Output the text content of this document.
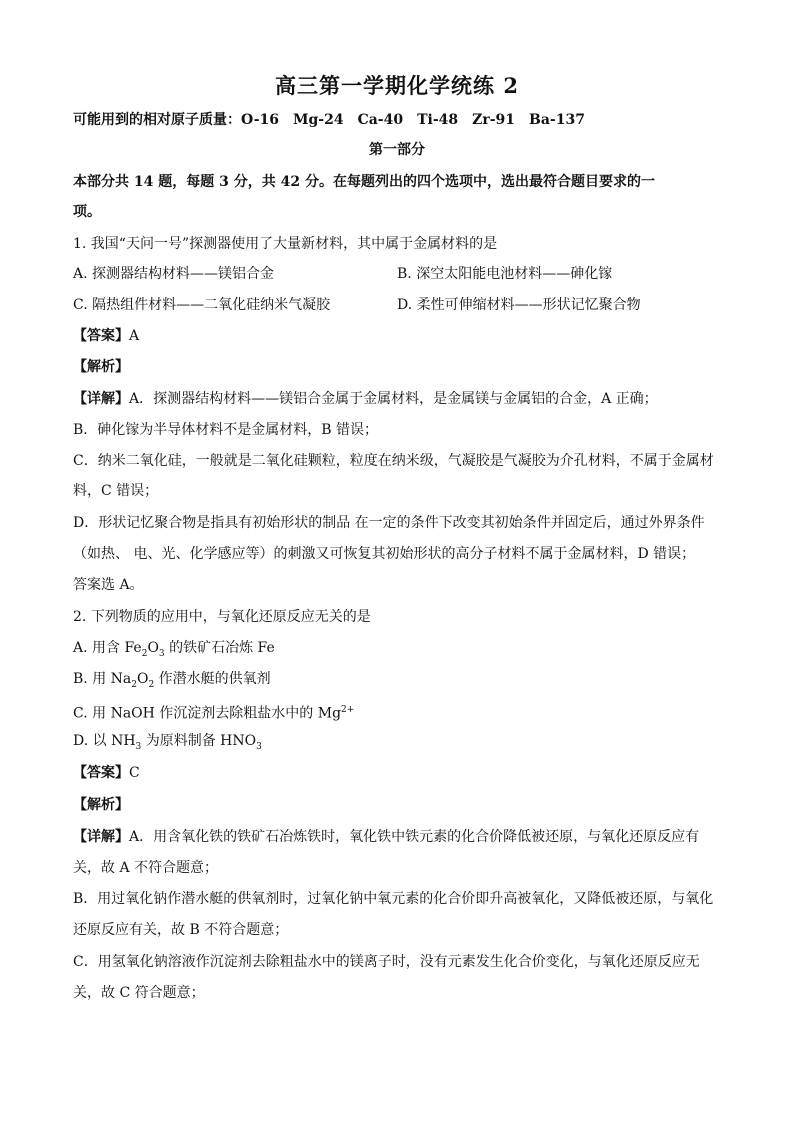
高三第一学期化学统练 2
可能用到的相对原子质量：O-16　Mg-24　Ca-40　Ti-48　Zr-91　Ba-137
第一部分
本部分共 14 题，每题 3 分，共 42 分。在每题列出的四个选项中，选出最符合题目要求的一
项。
1. 我国“天问一号”探测器使用了大量新材料，其中属于金属材料的是
A. 探测器结构材料——镁铝合金	B. 深空太阳能电池材料——砷化镓
C. 隔热组件材料——二氧化硅纳米气凝胶	D. 柔性可伸缩材料——形状记忆聚合物
【答案】A
【解析】
【详解】A．探测器结构材料——镁铝合金属于金属材料，是金属镁与金属铝的合金，A 正确；
B．砷化镓为半导体材料不是金属材料，B 错误；
C．纳米二氧化硅，一般就是二氧化硅颗粒，粒度在纳米级，气凝胶是气凝胶为介孔材料，不属于金属材
料，C 错误；
D．形状记忆聚合物是指具有初始形状的制品 在一定的条件下改变其初始条件并固定后，通过外界条件
（如热、 电、光、化学感应等）的刺激又可恢复其初始形状的高分子材料不属于金属材料，D 错误；
答案选 A。
2. 下列物质的应用中，与氧化还原反应无关的是
A. 用含 $Fe_2O_3$ 的铁矿石冶炼 Fe
B. 用 $Na_2O_2$ 作潜水艇的供氧剂
C. 用 NaOH 作沉淀剂去除粗盐水中的 $Mg^{2+}$
D. 以 $NH_3$ 为原料制备 $HNO_3$
【答案】C
【解析】
【详解】A．用含氧化铁的铁矿石冶炼铁时，氧化铁中铁元素的化合价降低被还原，与氧化还原反应有
关，故 A 不符合题意；
B．用过氧化钠作潜水艇的供氧剂时，过氧化钠中氧元素的化合价即升高被氧化，又降低被还原，与氧化
还原反应有关，故 B 不符合题意；
C．用氢氧化钠溶液作沉淀剂去除粗盐水中的镁离子时，没有元素发生化合价变化，与氧化还原反应无
关，故 C 符合题意；
